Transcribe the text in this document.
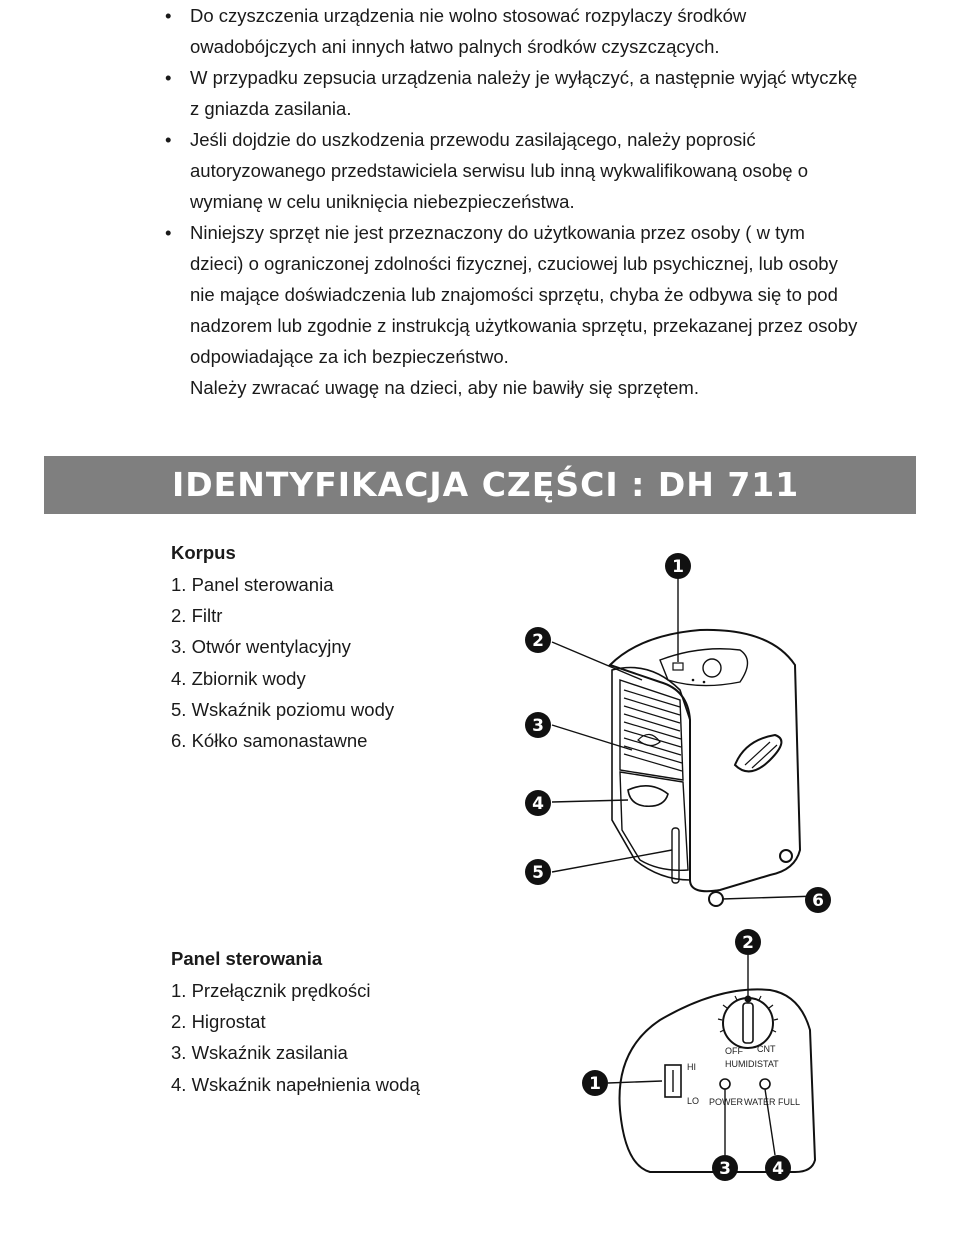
• Do czyszczenia urządzenia nie wolno stosować rozpylaczy środków

owadobójczych ani innych łatwo palnych środków czyszczących.

• W przypadku zepsucia urządzenia należy je wyłączyć, a następnie wyjąć wtyczkę

z gniazda zasilania.

• Jeśli dojdzie do uszkodzenia przewodu zasilającego, należy poprosić

autoryzowanego przedstawiciela serwisu lub inną wykwalifikowaną osobę o

wymianę w celu uniknięcia niebezpieczeństwa.

• Niniejszy sprzęt nie jest przeznaczony do użytkowania przez osoby ( w tym

dzieci) o ograniczonej zdolności fizycznej, czuciowej lub psychicznej, lub osoby

nie mające doświadczenia lub znajomości sprzętu, chyba że odbywa się to pod

nadzorem lub zgodnie z instrukcją użytkowania sprzętu, przekazanej przez osoby

odpowiadające za ich bezpieczeństwo.

Należy zwracać uwagę na dzieci, aby nie bawiły się sprzętem.

IDENTYFIKACJA CZĘŚCI : DH 711
Korpus
1. Panel sterowania
2. Filtr
3. Otwór wentylacyjny
4. Zbiornik wody
5. Wskaźnik poziomu wody
6. Kółko samonastawne
Panel sterowania
1. Przełącznik prędkości
2. Higrostat
3. Wskaźnik zasilania
4. Wskaźnik napełnienia wodą
1
2
3
4
5
6
HI
LO
OFF CNT
HUMIDISTAT
POWER WATER FULL
2
1
3 4
